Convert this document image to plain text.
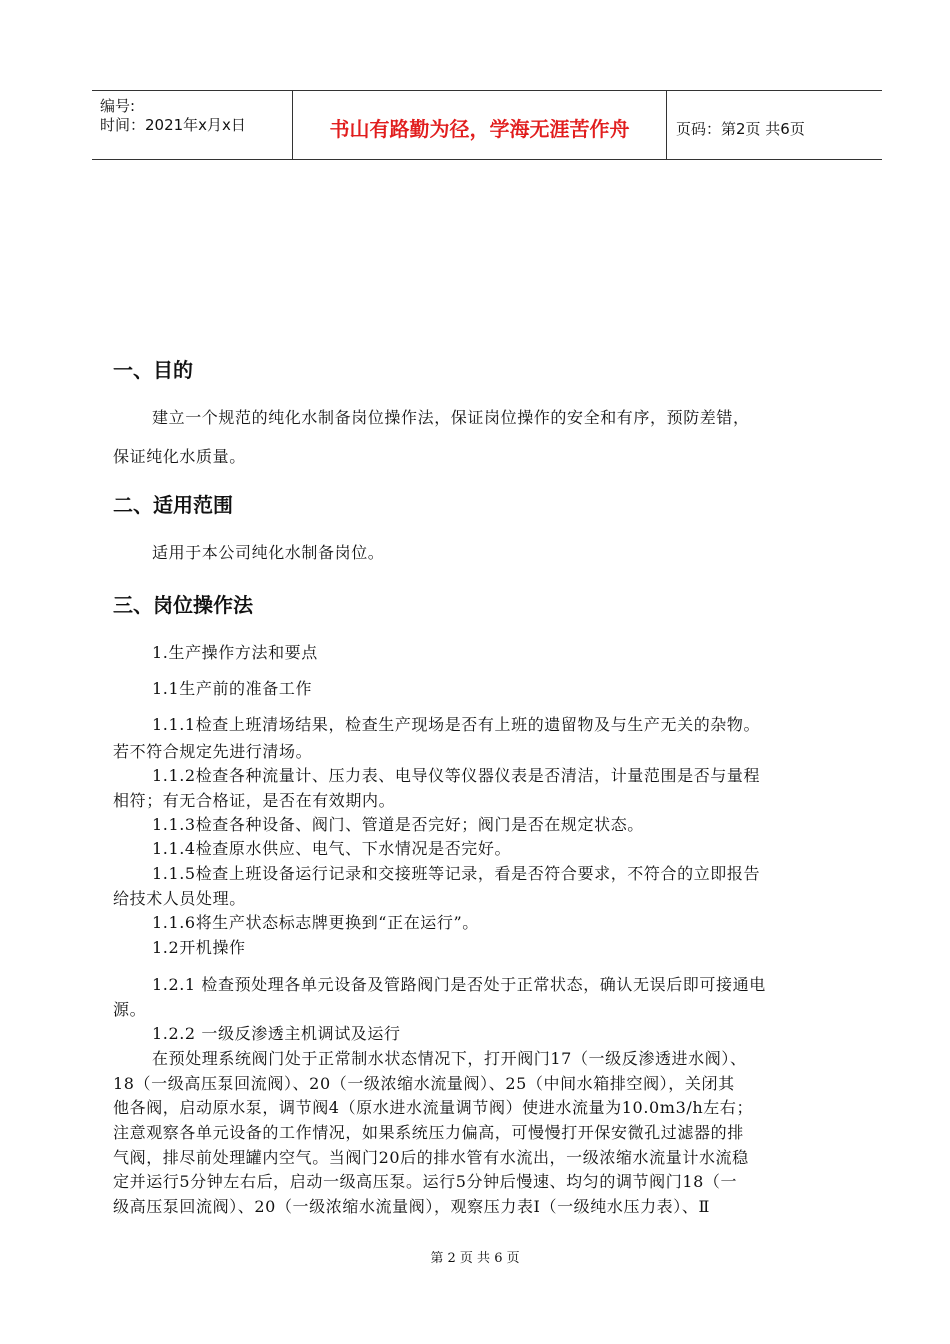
编号:
时间：2021年x月x日	书山有路勤为径，学海无涯苦作舟	页码：第2页 共6页
一、目的
建立一个规范的纯化水制备岗位操作法，保证岗位操作的安全和有序，预防差错，
保证纯化水质量。
二、适用范围
适用于本公司纯化水制备岗位。
三、岗位操作法
1.生产操作方法和要点
1.1生产前的准备工作
1.1.1检查上班清场结果，检查生产现场是否有上班的遗留物及与生产无关的杂物。
若不符合规定先进行清场。
1.1.2检查各种流量计、压力表、电导仪等仪器仪表是否清洁，计量范围是否与量程
相符；有无合格证，是否在有效期内。
1.1.3检查各种设备、阀门、管道是否完好；阀门是否在规定状态。
1.1.4检查原水供应、电气、下水情况是否完好。
1.1.5检查上班设备运行记录和交接班等记录，看是否符合要求，不符合的立即报告
给技术人员处理。
1.1.6将生产状态标志牌更换到“正在运行”。
1.2开机操作
1.2.1 检查预处理各单元设备及管路阀门是否处于正常状态，确认无误后即可接通电
源。
1.2.2 一级反渗透主机调试及运行
在预处理系统阀门处于正常制水状态情况下，打开阀门17（一级反渗透进水阀）、
18（一级高压泵回流阀）、20（一级浓缩水流量阀）、25（中间水箱排空阀），关闭其
他各阀，启动原水泵，调节阀4（原水进水流量调节阀）使进水流量为10.0m3/h左右；
注意观察各单元设备的工作情况，如果系统压力偏高，可慢慢打开保安微孔过滤器的排
气阀，排尽前处理罐内空气。当阀门20后的排水管有水流出，一级浓缩水流量计水流稳
定并运行5分钟左右后，启动一级高压泵。运行5分钟后慢速、均匀的调节阀门18（一
级高压泵回流阀）、20（一级浓缩水流量阀），观察压力表Ⅰ（一级纯水压力表）、Ⅱ
第 2 页 共 6 页
